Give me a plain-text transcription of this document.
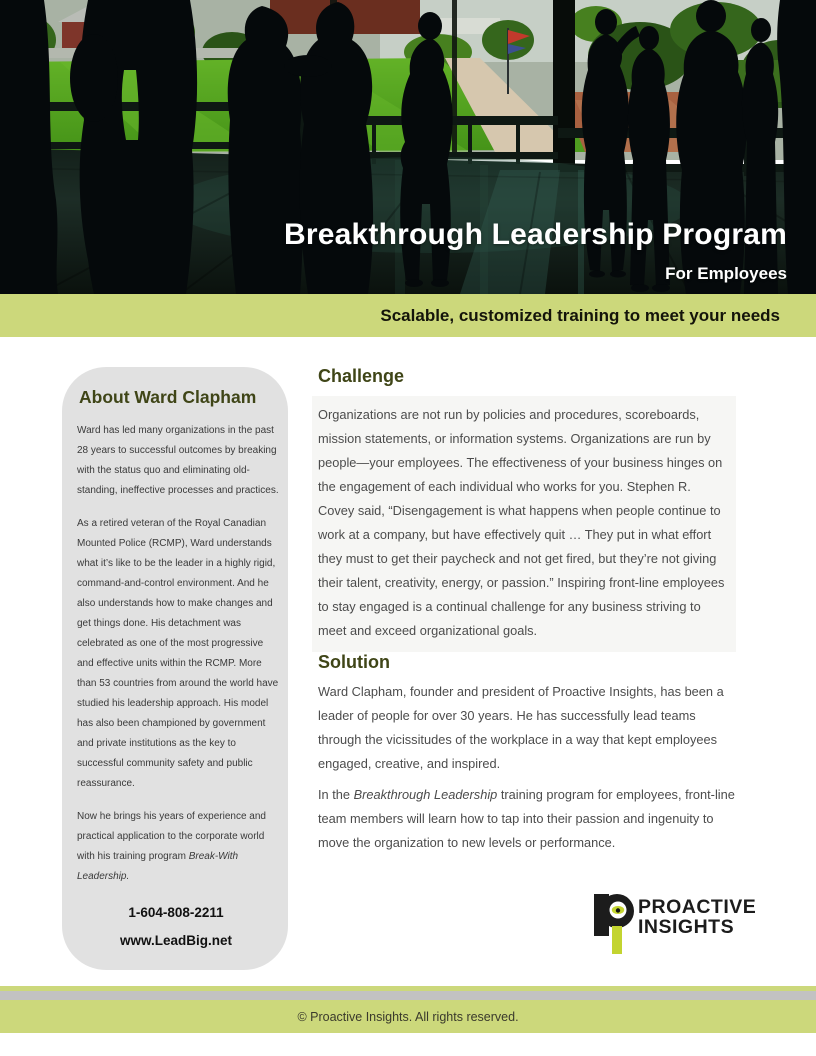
Breakthrough Leadership Program
For Employees
Scalable, customized training to meet your needs
About Ward Clapham

Ward has led many organizations in the past 28 years to successful outcomes by breaking with the status quo and eliminating old-standing, ineffective processes and practices.

As a retired veteran of the Royal Canadian Mounted Police (RCMP), Ward understands what it’s like to be the leader in a highly rigid, command-and-control environment. And he also understands how to make changes and get things done. His detachment was celebrated as one of the most progressive and effective units within the RCMP. More than 53 countries from around the world have studied his leadership approach. His model has also been championed by government and private institutions as the key to successful community safety and public reassurance.

Now he brings his years of experience and practical application to the corporate world with his training program Break-With Leadership.

1-604-808-2211
www.LeadBig.net
Challenge
Organizations are not run by policies and procedures, scoreboards, mission statements, or information systems. Organizations are run by people—your employees. The effectiveness of your business hinges on the engagement of each individual who works for you. Stephen R. Covey said, “Disengagement is what happens when people continue to work at a company, but have effectively quit … They put in what effort they must to get their paycheck and not get fired, but they’re not giving their talent, creativity, energy, or passion.” Inspiring front-line employees to stay engaged is a continual challenge for any business striving to meet and exceed organizational goals.
Solution

Ward Clapham, founder and president of Proactive Insights, has been a leader of people for over 30 years. He has successfully lead teams through the vicissitudes of the workplace in a way that kept employees engaged, creative, and inspired.

In the Breakthrough Leadership training program for employees, front-line team members will learn how to tap into their passion and ingenuity to move the organization to new levels or performance.

PROACTIVE
INSIGHTS
© Proactive Insights. All rights reserved.
